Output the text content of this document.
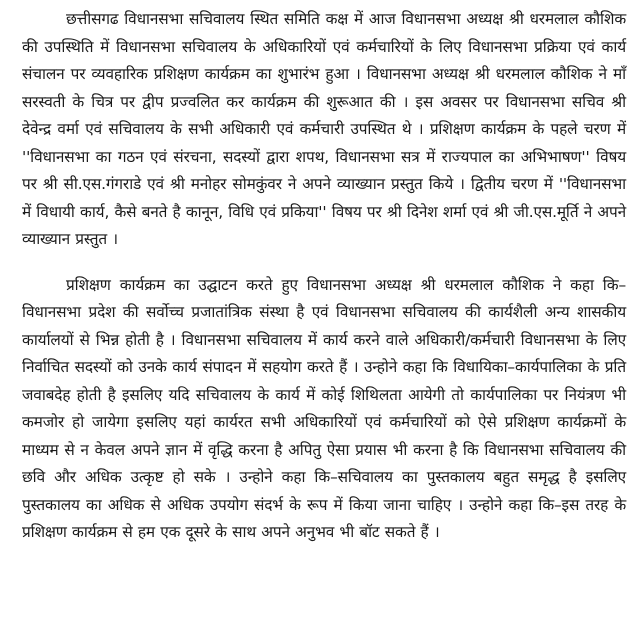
छत्तीसगढ विधानसभा सचिवालय स्थित समिति कक्ष में आज विधानसभा अध्यक्ष श्री धरमलाल कौशिक की उपस्थिति में विधानसभा सचिवालय के अधिकारियों एवं कर्मचारियों के लिए विधानसभा प्रक्रिया एवं कार्य संचालन पर व्यवहारिक प्रशिक्षण कार्यक्रम का शुभारंभ हुआ । विधानसभा अध्यक्ष श्री धरमलाल कौशिक ने माँ सरस्वती के चित्र पर द्वीप प्रज्वलित कर कार्यक्रम की शुरूआत की । इस अवसर पर विधानसभा सचिव श्री देवेन्द्र वर्मा एवं सचिवालय के सभी अधिकारी एवं कर्मचारी उपस्थित थे । प्रशिक्षण कार्यक्रम के पहले चरण में ''विधानसभा का गठन एवं संरचना, सदस्यों द्वारा शपथ, विधानसभा सत्र में राज्यपाल का अभिभाषण'' विषय पर श्री सी.एस.गंगराडे एवं श्री मनोहर सोमकुंवर ने अपने व्याख्यान प्रस्तुत किये । द्वितीय चरण में ''विधानसभा में विधायी कार्य, कैसे बनते है कानून, विधि एवं प्रकिया'' विषय पर श्री दिनेश शर्मा एवं श्री जी.एस.मूर्ति ने अपने व्याख्यान प्रस्तुत ।

प्रशिक्षण कार्यक्रम का उद्घाटन करते हुए विधानसभा अध्यक्ष श्री धरमलाल कौशिक ने कहा कि–विधानसभा प्रदेश की सर्वोच्च प्रजातांत्रिक संस्था है एवं विधानसभा सचिवालय की कार्यशैली अन्य शासकीय कार्यालयों से भिन्न होती है । विधानसभा सचिवालय में कार्य करने वाले अधिकारी/कर्मचारी विधानसभा के लिए निर्वाचित सदस्यों को उनके कार्य संपादन में सहयोग करते हैं । उन्होने कहा कि विधायिका–कार्यपालिका के प्रति जवाबदेह होती है इसलिए यदि सचिवालय के कार्य में कोई शिथिलता आयेगी तो कार्यपालिका पर नियंत्रण भी कमजोर हो जायेगा इसलिए यहां कार्यरत सभी अधिकारियों एवं कर्मचारियों को ऐसे प्रशिक्षण कार्यक्रमों के माध्यम से न केवल अपने ज्ञान में वृद्धि करना है अपितु ऐसा प्रयास भी करना है कि विधानसभा सचिवालय की छवि और अधिक उत्कृष्ट हो सके । उन्होने कहा कि–सचिवालय का पुस्तकालय बहुत समृद्ध है इसलिए पुस्तकालय का अधिक से अधिक उपयोग संदर्भ के रूप में किया जाना चाहिए । उन्होने कहा कि–इस तरह के प्रशिक्षण कार्यक्रम से हम एक दूसरे के साथ अपने अनुभव भी बॉट सकते हैं ।
